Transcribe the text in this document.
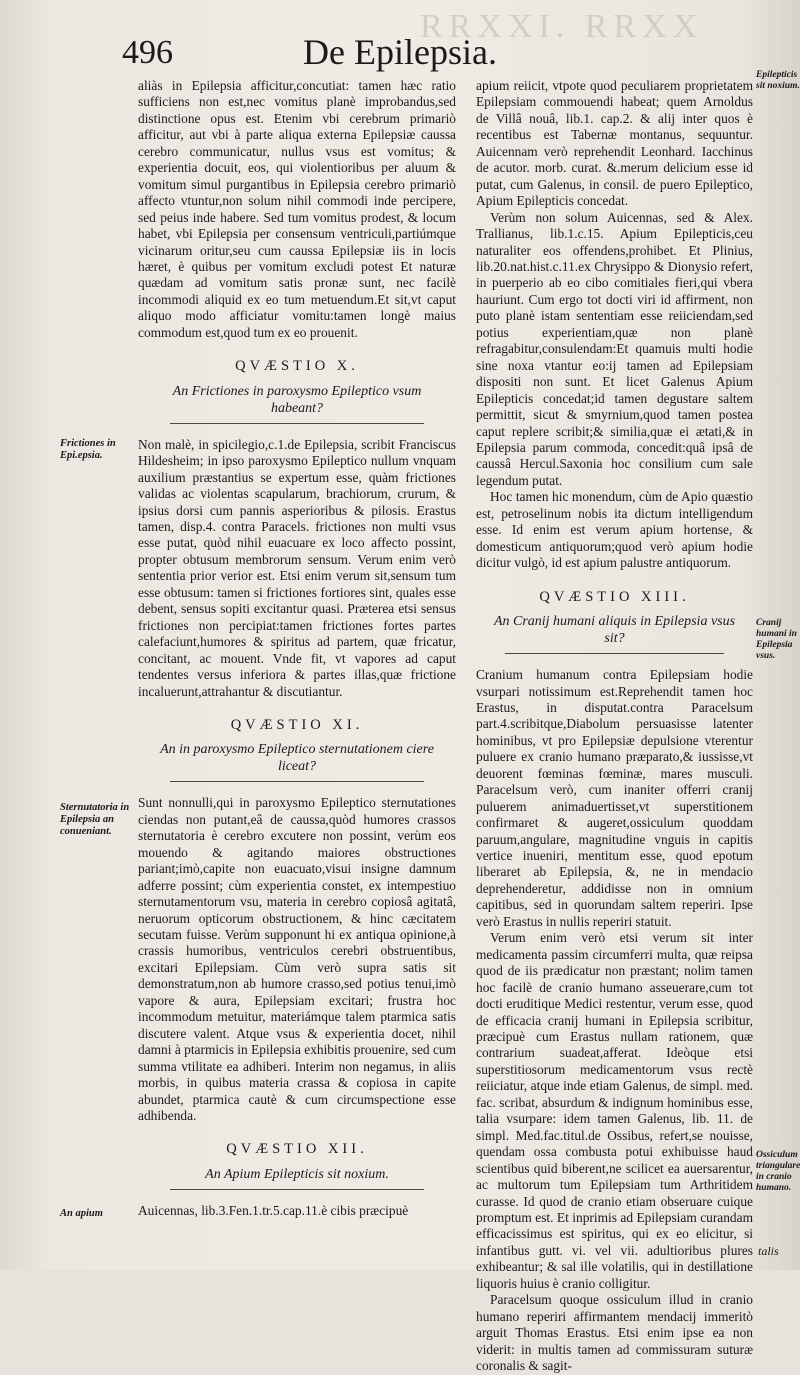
RRXXI. RRXX
496	De Epilepsia.

aliàs in Epilepsia afficitur,concutiat: tamen hæc ratio sufficiens non est,nec vomitus planè improbandus,sed distinctione opus est. Etenim vbi cerebrum primariò afficitur, aut vbi à parte aliqua externa Epilepsiæ caussa cerebro communicatur, nullus vsus est vomitus; & experientia docuit, eos, qui violentioribus per aluum & vomitum simul purgantibus in Epilepsia cerebro primariò affecto vtuntur,non solum nihil commodi inde percipere, sed peius inde habere. Sed tum vomitus prodest, & locum habet, vbi Epilepsia per consensum ventriculi,partiúmque vicinarum oritur,seu cum caussa Epilepsiæ iis in locis hæret, è quibus per vomitum excludi potest Et naturæ quædam ad vomitum satis pronæ sunt, nec facilè incommodi aliquid ex eo tum metuendum.Et sit,vt caput aliquo modo afficiatur vomitu:tamen longè maius commodum est,quod tum ex eo prouenit.

QVÆSTIO X.
An Frictiones in paroxysmo Epileptico vsum habeant?

Non malè, in spicilegio,c.1.de Epilepsia, scribit Franciscus Hildesheim; in ipso paroxysmo Epileptico nullum vnquam auxilium præstantius se expertum esse, quàm frictiones validas ac violentas scapularum, brachiorum, crurum, & ipsius dorsi cum pannis asperioribus & pilosis. Erastus tamen, disp.4. contra Paracels. frictiones non multi vsus esse putat, quòd nihil euacuare ex loco affecto possint, propter obtusum membrorum sensum. Verum enim verò sententia prior verior est. Etsi enim verum sit,sensum tum esse obtusum: tamen si frictiones fortiores sint, quales esse debent, sensus sopiti excitantur quasi. Præterea etsi sensus frictiones non percipiat:tamen frictiones fortes partes calefaciunt,humores & spiritus ad partem, quæ fricatur, concitant, ac mouent. Vnde fit, vt vapores ad caput tendentes versus inferiora & partes illas,quæ frictione incaluerunt,attrahantur & discutiantur.

QVÆSTIO XI.
An in paroxysmo Epileptico sternutationem ciere liceat?

Sunt nonnulli,qui in paroxysmo Epileptico sternutationes ciendas non putant,eâ de caussa,quòd humores crassos sternutatoria è cerebro excutere non possint, verùm eos mouendo & agitando maiores obstructiones pariant;imò,capite non euacuato,visui insigne damnum adferre possint; cùm experientia constet, ex intempestiuo sternutamentorum vsu, materia in cerebro copiosâ agitatâ, neruorum opticorum obstructionem, & hinc cæcitatem secutam fuisse. Verùm supponunt hi ex antiqua opinione,à crassis humoribus, ventriculos cerebri obstruentibus, excitari Epilepsiam. Cùm verò supra satis sit demonstratum,non ab humore crasso,sed potius tenui,imò vapore & aura, Epilepsiam excitari; frustra hoc incommodum metuitur, materiámque talem ptarmica satis discutere valent. Atque vsus & experientia docet, nihil damni à ptarmicis in Epilepsia exhibitis prouenire, sed cum summa vtilitate ea adhiberi. Interim non negamus, in aliis morbis, in quibus materia crassa & copiosa in capite abundet, ptarmica cautè & cum circumspectione esse adhibenda.

QVÆSTIO XII.
An Apium Epilepticis sit noxium.

Auicennas, lib.3.Fen.1.tr.5.cap.11.è cibis præcipuè

apium reiicit, vtpote quod peculiarem proprietatem Epilepsiam commouendi habeat; quem Arnoldus de Villâ nouâ, lib.1. cap.2. & alij inter quos è recentibus est Tabernæ montanus, sequuntur. Auicennam verò reprehendit Leonhard. Iacchinus de acutor. morb. curat. &.merum delicium esse id putat, cum Galenus, in consil. de puero Epileptico, Apium Epilepticis concedat.

Verùm non solum Auicennas, sed & Alex. Trallianus, lib.1.c.15. Apium Epilepticis,ceu naturaliter eos offendens,prohibet. Et Plinius, lib.20.nat.hist.c.11.ex Chrysippo & Dionysio refert, in puerperio ab eo cibo comitiales fieri,qui vbera hauriunt. Cum ergo tot docti viri id affirment, non puto planè istam sententiam esse reiiciendam,sed potius experientiam,quæ non planè refragabitur,consulendam:Et quamuis multi hodie sine noxa vtantur eo:ij tamen ad Epilepsiam dispositi non sunt. Et licet Galenus Apium Epilepticis concedat;id tamen degustare saltem permittit, sicut & smyrnium,quod tamen postea caput replere scribit;& similia,quæ ei ætati,& in Epilepsia parum commoda, concedit:quâ ipsâ de caussâ Hercul.Saxonia hoc consilium cum sale legendum putat.

Hoc tamen hic monendum, cùm de Apio quæstio est, petroselinum nobis ita dictum intelligendum esse. Id enim est verum apium hortense, & domesticum antiquorum;quod verò apium hodie dicitur vulgò, id est apium palustre antiquorum.

QVÆSTIO XIII.
An Cranij humani aliquis in Epilepsia vsus sit?

Cranium humanum contra Epilepsiam hodie vsurpari notissimum est.Reprehendit tamen hoc Erastus, in disputat.contra Paracelsum part.4.scribitque,Diabolum persuasisse latenter hominibus, vt pro Epilepsiæ depulsione vterentur puluere ex cranio humano præparato,& iussisse,vt deuorent fœminas fœminæ, mares musculi. Paracelsum verò, cum inaniter offerri cranij puluerem animaduertisset,vt superstitionem confirmaret & augeret,ossiculum quoddam paruum,angulare, magnitudine vnguis in capitis vertice inueniri, mentitum esse, quod epotum liberaret ab Epilepsia, &, ne in mendacio deprehenderetur, addidisse non in omnium capitibus, sed in quorundam saltem reperiri. Ipse verò Erastus in nullis reperiri statuit.

Verum enim verò etsi verum sit inter medicamenta passim circumferri multa, quæ reipsa quod de iis prædicatur non præstant; nolim tamen hoc facilè de cranio humano asseuerare,cum tot docti eruditique Medici restentur, verum esse, quod de efficacia cranij humani in Epilepsia scribitur, præcipuè cum Erastus nullam rationem, quæ contrarium suadeat,afferat. Ideòque etsi superstitiosorum medicamentorum vsus rectè reiiciatur, atque inde etiam Galenus, de simpl. med. fac. scribat, absurdum & indignum hominibus esse, talia vsurpare: idem tamen Galenus, lib. 11. de simpl. Med.fac.titul.de Ossibus, refert,se nouisse, quendam ossa combusta potui exhibuisse haud scientibus quid biberent,ne scilicet ea auersarentur, ac multorum tum Epilepsiam tum Arthritidem curasse. Id quod de cranio etiam obseruare cuique promptum est. Et inprimis ad Epilepsiam curandam efficacissimus est spiritus, qui ex eo elicitur, si infantibus gutt. vi. vel vii. adultioribus plures exhibeantur; & sal ille volatilis, qui in destillatione liquoris huius è cranio colligitur.

Paracelsum quoque ossiculum illud in cranio humano reperiri affirmantem mendacij immeritò arguit Thomas Erastus. Etsi enim ipse ea non viderit: in multis tamen ad commissuram suturæ coronalis & sagit-

Frictiones in Epi.epsia.
Sternutatoria in Epilepsia an conueniant.
An apium
Epilepticis sit noxium.
Cranij humani in Epilepsia vsus.
Ossiculum triangulare in cranio humano.
talis
